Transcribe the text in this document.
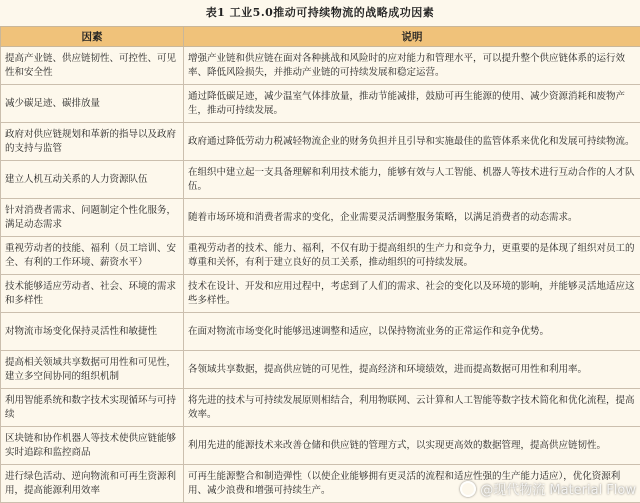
表1 工业5.0推动可持续物流的战略成功因素
因素	说明
提高产业链、供应链韧性、可控性、可见性和安全性	增强产业链和供应链在面对各种挑战和风险时的应对能力和管理水平，可以提升整个供应链体系的运行效率、降低风险损失，并推动产业链的可持续发展和稳定运营。
减少碳足迹、碳排放量	通过降低碳足迹，减少温室气体排放量，推动节能减排，鼓励可再生能源的使用、减少资源消耗和废物产生，推动可持续发展。
政府对供应链规划和革新的指导以及政府的支持与监管	政府通过降低劳动力税减轻物流企业的财务负担并且引导和实施最佳的监管体系来优化和发展可持续物流。
建立人机互动关系的人力资源队伍	在组织中建立起一支具备理解和利用技术能力，能够有效与人工智能、机器人等技术进行互动合作的人才队伍。
针对消费者需求、问题制定个性化服务，满足动态需求	随着市场环境和消费者需求的变化，企业需要灵活调整服务策略，以满足消费者的动态需求。
重视劳动者的技能、福利（员工培训、安全、有利的工作环境、薪资水平）	重视劳动者的技术、能力、福利，不仅有助于提高组织的生产力和竞争力，更重要的是体现了组织对员工的尊重和关怀，有利于建立良好的员工关系，推动组织的可持续发展。
技术能够适应劳动者、社会、环境的需求和多样性	技术在设计、开发和应用过程中，考虑到了人们的需求、社会的变化以及环境的影响，并能够灵活地适应这些多样性。
对物流市场变化保持灵活性和敏捷性	在面对物流市场变化时能够迅速调整和适应，以保持物流业务的正常运作和竞争优势。
提高相关领域共享数据可用性和可见性，建立多空间协同的组织机制	各领域共享数据，提高供应链的可见性，提高经济和环境绩效，进而提高数据可用性和利用率。
利用智能系统和数字技术实现循环与可持续	将先进的技术与可持续发展原则相结合，利用物联网、云计算和人工智能等数字技术简化和优化流程，提高效率。
区块链和协作机器人等技术使供应链能够实时追踪和监控商品	利用先进的能源技术来改善仓储和供应链的管理方式，以实现更高效的数据管理，提高供应链韧性。
进行绿色活动、逆向物流和可再生资源利用，提高能源利用效率	可再生能源整合和制造弹性（以使企业能够拥有更灵活的流程和适应性强的生产能力适应），优化资源利用、减少浪费和增强可持续生产。	@现代物流 Material Flow
